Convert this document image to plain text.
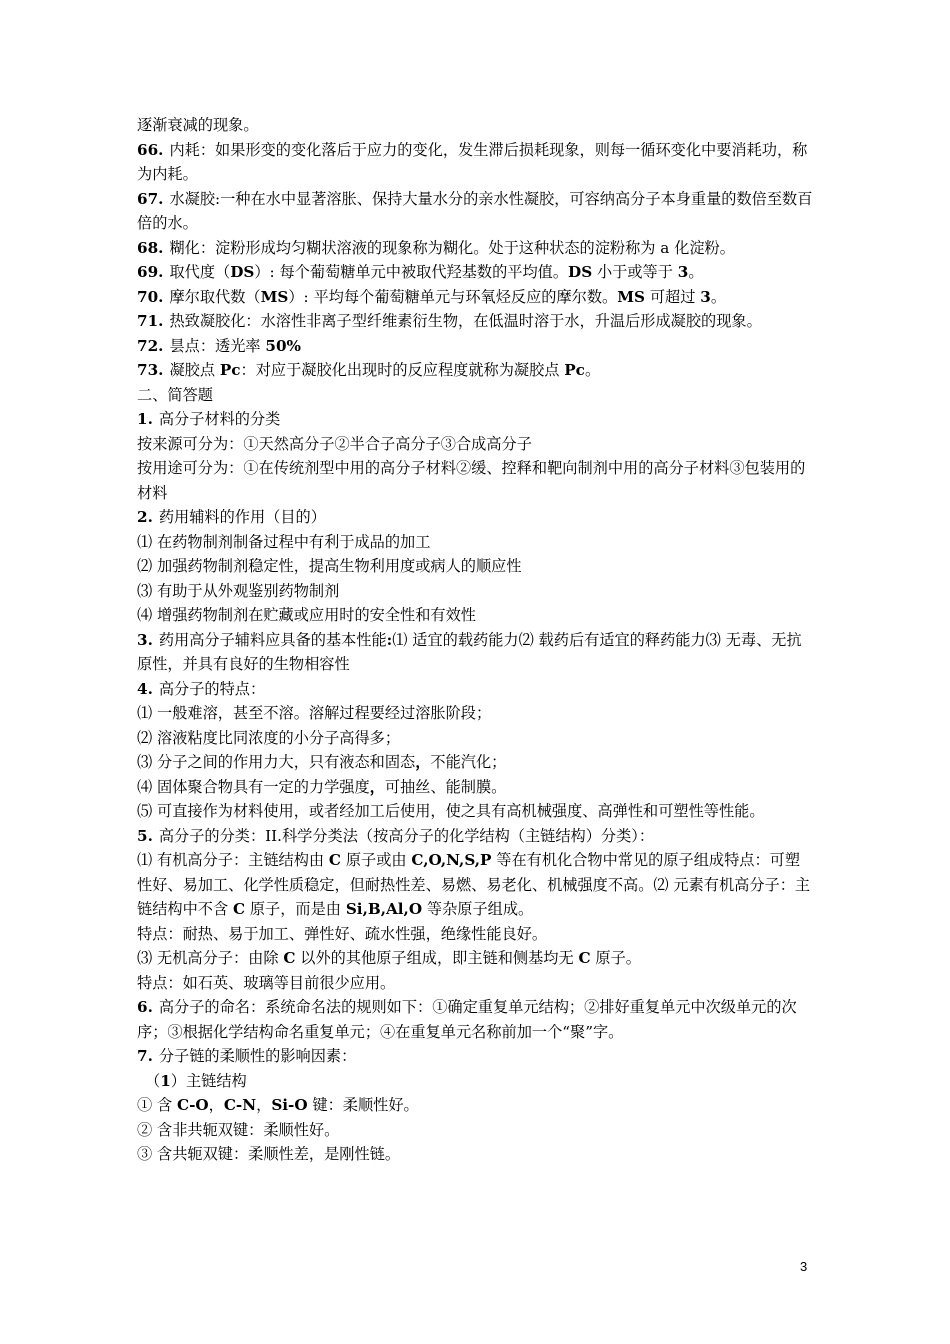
逐渐衰减的现象。

66. 内耗：如果形变的变化落后于应力的变化，发生滞后损耗现象，则每一循环变化中要消耗功，称为内耗。

67. 水凝胶:一种在水中显著溶胀、保持大量水分的亲水性凝胶，可容纳高分子本身重量的数倍至数百倍的水。

68. 糊化：淀粉形成均匀糊状溶液的现象称为糊化。处于这种状态的淀粉称为 a 化淀粉。

69. 取代度（DS）: 每个葡萄糖单元中被取代羟基数的平均值。DS 小于或等于 3。

70. 摩尔取代数（MS）: 平均每个葡萄糖单元与环氧烃反应的摩尔数。MS 可超过 3。

71. 热致凝胶化：水溶性非离子型纤维素衍生物，在低温时溶于水，升温后形成凝胶的现象。

72. 昙点：透光率 50%

73. 凝胶点 Pc：对应于凝胶化出现时的反应程度就称为凝胶点 Pc。

二、简答题

1. 高分子材料的分类

按来源可分为：①天然高分子②半合子高分子③合成高分子

按用途可分为：①在传统剂型中用的高分子材料②缓、控释和靶向制剂中用的高分子材料③包装用的材料

2. 药用辅料的作用（目的）

⑴ 在药物制剂制备过程中有利于成品的加工

⑵ 加强药物制剂稳定性，提高生物利用度或病人的顺应性

⑶ 有助于从外观鉴别药物制剂

⑷ 增强药物制剂在贮藏或应用时的安全性和有效性

3. 药用高分子辅料应具备的基本性能:⑴ 适宜的载药能力⑵ 载药后有适宜的释药能力⑶ 无毒、无抗原性，并具有良好的生物相容性

4. 高分子的特点：

⑴ 一般难溶，甚至不溶。溶解过程要经过溶胀阶段；

⑵ 溶液粘度比同浓度的小分子高得多；

⑶ 分子之间的作用力大，只有液态和固态，不能汽化；

⑷ 固体聚合物具有一定的力学强度，可抽丝、能制膜。

⑸ 可直接作为材料使用，或者经加工后使用，使之具有高机械强度、高弹性和可塑性等性能。

5. 高分子的分类：II.科学分类法（按高分子的化学结构（主链结构）分类）：

⑴ 有机高分子：主链结构由 C 原子或由 C,O,N,S,P 等在有机化合物中常见的原子组成特点：可塑性好、易加工、化学性质稳定，但耐热性差、易燃、易老化、机械强度不高。⑵ 元素有机高分子：主链结构中不含 C 原子，而是由 Si,B,Al,O 等杂原子组成。

特点：耐热、易于加工、弹性好、疏水性强，绝缘性能良好。

⑶ 无机高分子：由除 C 以外的其他原子组成，即主链和侧基均无 C 原子。

特点：如石英、玻璃等目前很少应用。

6. 高分子的命名：系统命名法的规则如下：①确定重复单元结构；②排好重复单元中次级单元的次序；③根据化学结构命名重复单元；④在重复单元名称前加一个“聚”字。

7. 分子链的柔顺性的影响因素：

（1）主链结构

① 含 C-O，C-N，Si-O 键：柔顺性好。

② 含非共轭双键：柔顺性好。

③ 含共轭双键：柔顺性差，是刚性链。

3
